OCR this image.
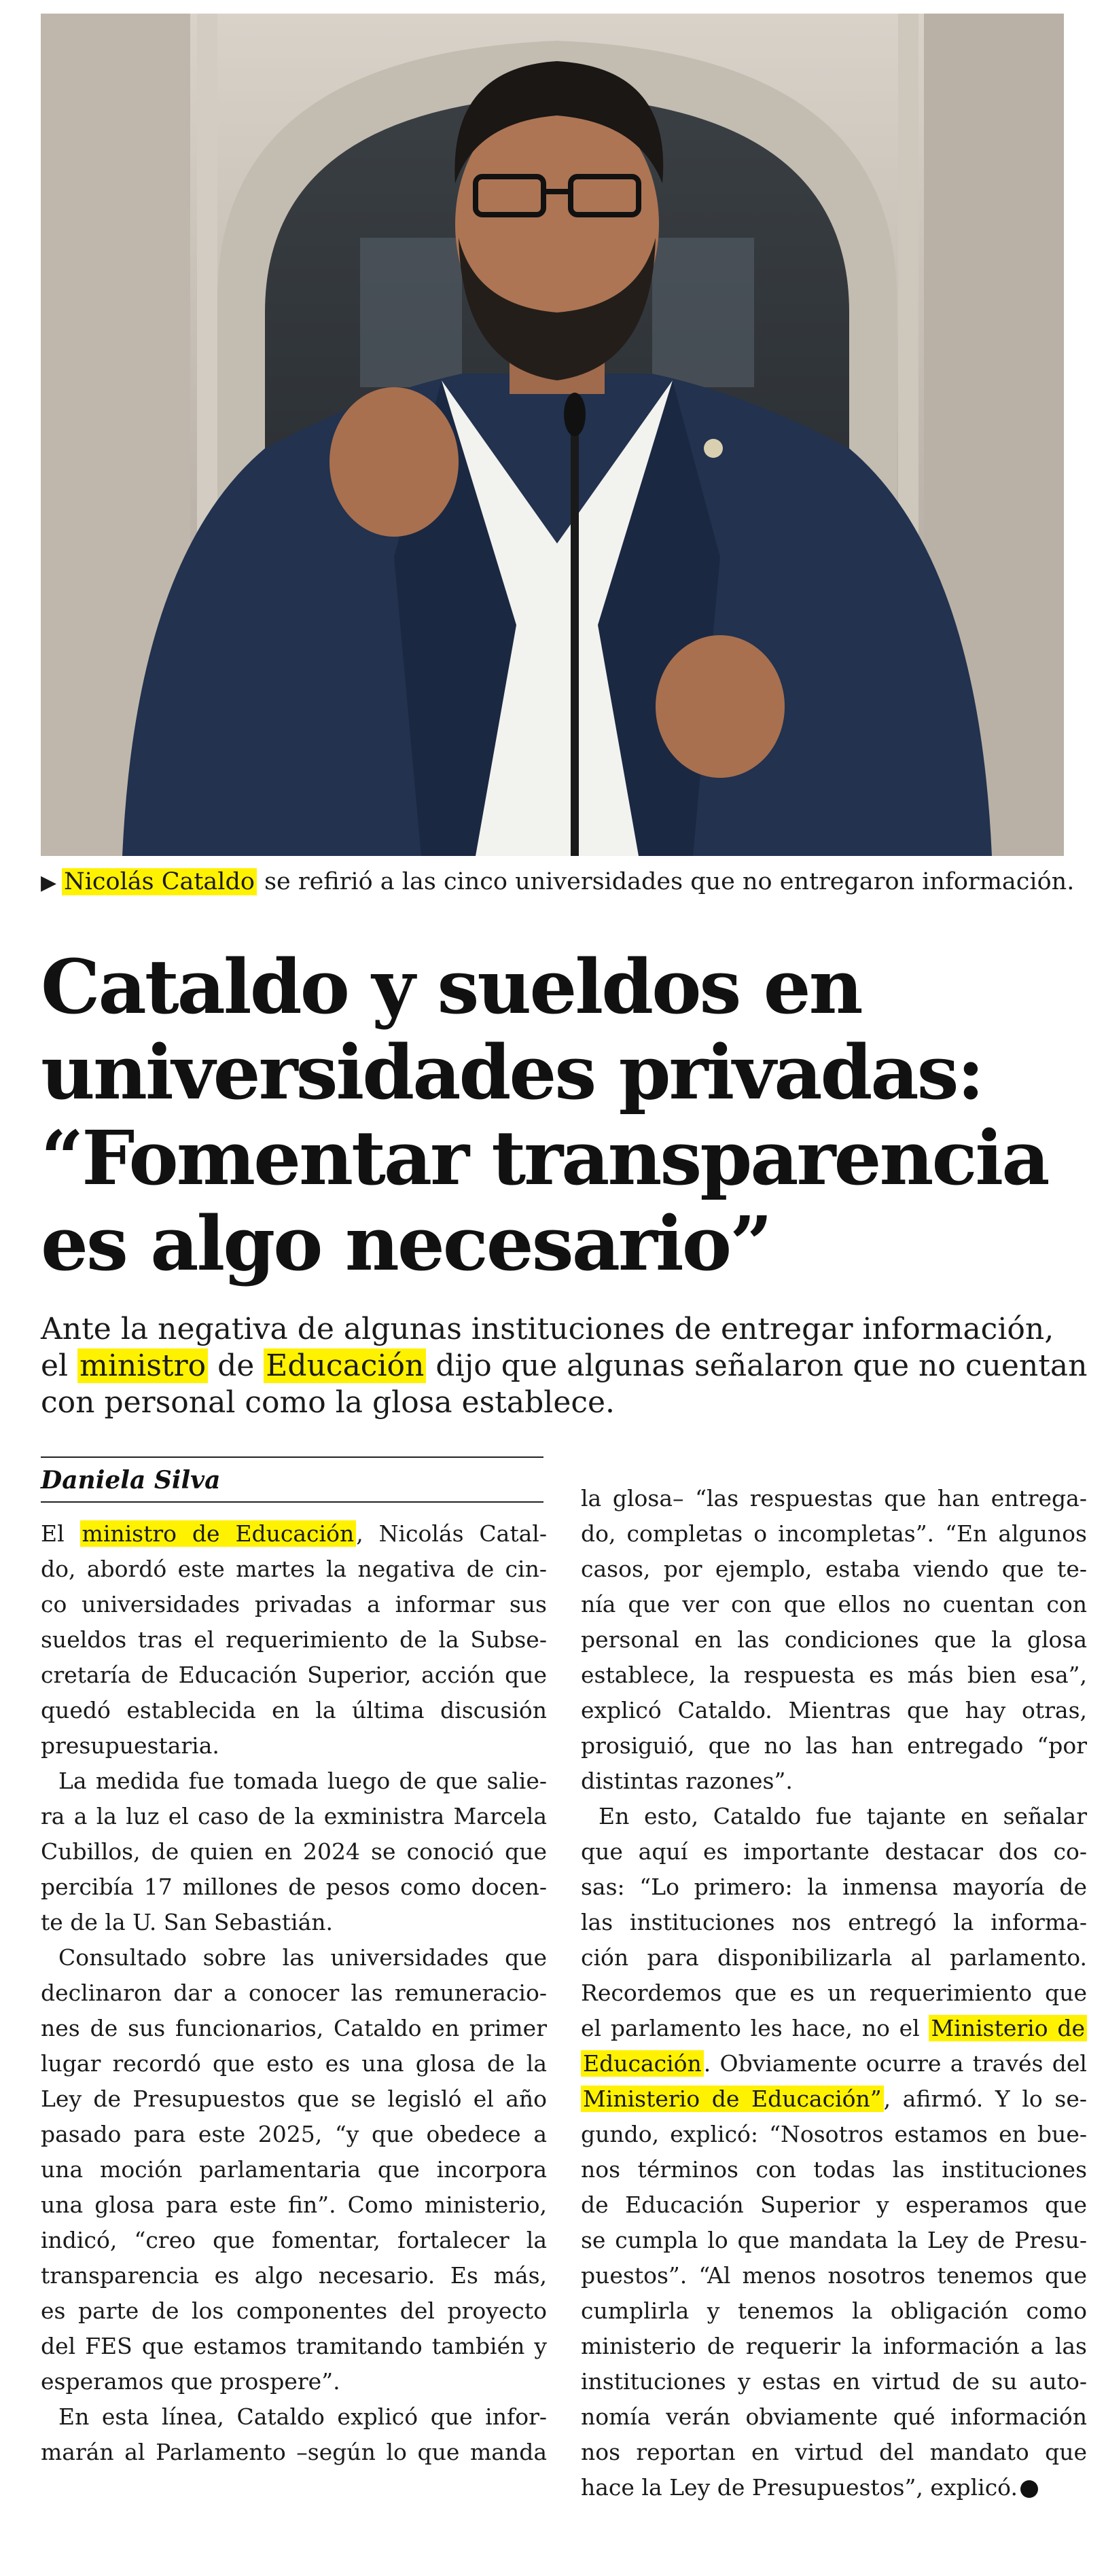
▶ Nicolás Cataldo se refirió a las cinco universidades que no entregaron información.
Cataldo y sueldos en
universidades privadas:
“Fomentar transparencia
es algo necesario”
Ante la negativa de algunas instituciones de entregar información,
el ministro de Educación dijo que algunas señalaron que no cuentan
con personal como la glosa establece.
Daniela Silva
El ministro de Educación, Nicolás Catal-
do, abordó este martes la negativa de cin-
co universidades privadas a informar sus
sueldos tras el requerimiento de la Subse-
cretaría de Educación Superior, acción que
quedó establecida en la última discusión
presupuestaria.
La medida fue tomada luego de que salie-
ra a la luz el caso de la exministra Marcela
Cubillos, de quien en 2024 se conoció que
percibía 17 millones de pesos como docen-
te de la U. San Sebastián.
Consultado sobre las universidades que
declinaron dar a conocer las remuneracio-
nes de sus funcionarios, Cataldo en primer
lugar recordó que esto es una glosa de la
Ley de Presupuestos que se legisló el año
pasado para este 2025, “y que obedece a
una moción parlamentaria que incorpora
una glosa para este fin”. Como ministerio,
indicó, “creo que fomentar, fortalecer la
transparencia es algo necesario. Es más,
es parte de los componentes del proyecto
del FES que estamos tramitando también y
esperamos que prospere”.
En esta línea, Cataldo explicó que infor-
marán al Parlamento –según lo que manda
la glosa– “las respuestas que han entrega-
do, completas o incompletas”. “En algunos
casos, por ejemplo, estaba viendo que te-
nía que ver con que ellos no cuentan con
personal en las condiciones que la glosa
establece, la respuesta es más bien esa”,
explicó Cataldo. Mientras que hay otras,
prosiguió, que no las han entregado “por
distintas razones”.
En esto, Cataldo fue tajante en señalar
que aquí es importante destacar dos co-
sas: “Lo primero: la inmensa mayoría de
las instituciones nos entregó la informa-
ción para disponibilizarla al parlamento.
Recordemos que es un requerimiento que
el parlamento les hace, no el Ministerio de
Educación. Obviamente ocurre a través del
Ministerio de Educación”, afirmó. Y lo se-
gundo, explicó: “Nosotros estamos en bue-
nos términos con todas las instituciones
de Educación Superior y esperamos que
se cumpla lo que mandata la Ley de Presu-
puestos”. “Al menos nosotros tenemos que
cumplirla y tenemos la obligación como
ministerio de requerir la información a las
instituciones y estas en virtud de su auto-
nomía verán obviamente qué información
nos reportan en virtud del mandato que
hace la Ley de Presupuestos”, explicó.
